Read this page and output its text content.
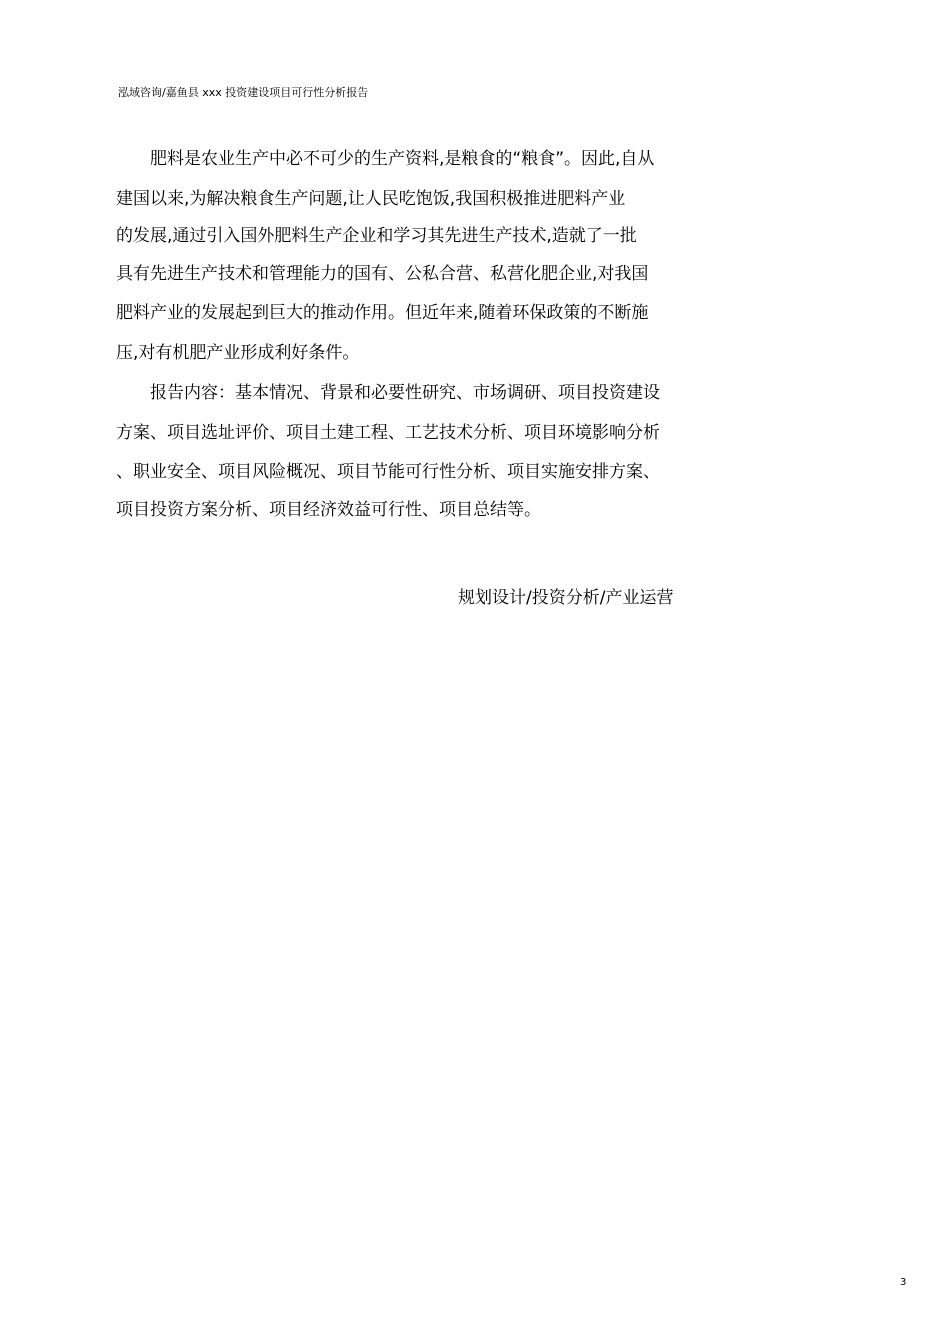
泓域咨询/嘉鱼县 xxx 投资建设项目可行性分析报告
肥料是农业生产中必不可少的生产资料,是粮食的“粮食”。因此,自从
建国以来,为解决粮食生产问题,让人民吃饱饭,我国积极推进肥料产业
的发展,通过引入国外肥料生产企业和学习其先进生产技术,造就了一批
具有先进生产技术和管理能力的国有、公私合营、私营化肥企业,对我国
肥料产业的发展起到巨大的推动作用。但近年来,随着环保政策的不断施
压,对有机肥产业形成利好条件。
报告内容：基本情况、背景和必要性研究、市场调研、项目投资建设
方案、项目选址评价、项目土建工程、工艺技术分析、项目环境影响分析
、职业安全、项目风险概况、项目节能可行性分析、项目实施安排方案、
项目投资方案分析、项目经济效益可行性、项目总结等。
规划设计/投资分析/产业运营
3
